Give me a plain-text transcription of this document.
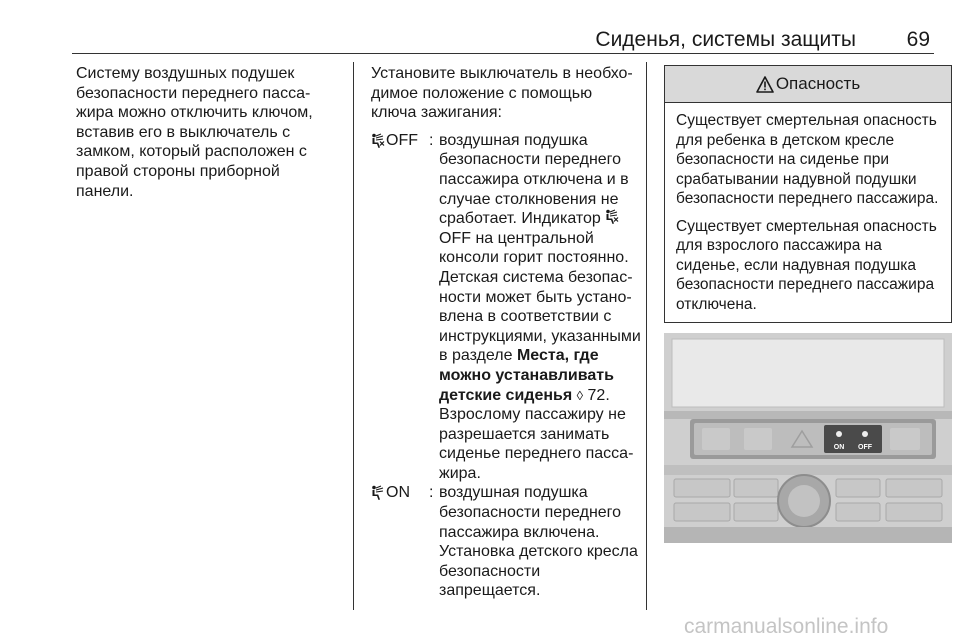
Сиденья, системы защиты 69

Систему воздушных подушек безопасности переднего пассажира можно отключить ключом, вставив его в выключатель с замком, который расположен с правой стороны приборной панели.

Установите выключатель в необходимое положение с помощью ключа зажигания:

OFF : воздушная подушка безопасности переднего пассажира отключена и в случае столкновения не сработает. Индикатор OFF на центральной консоли горит постоянно. Детская система безопасности может быть установлена в соответствии с инструкциями, указанными в разделе Места, где можно устанавливать детские сиденья ◊ 72.
Взрослому пассажиру не разрешается занимать сиденье переднего пассажира.
ON : воздушная подушка безопасности переднего пассажира включена. Установка детского кресла безопасности запрещается.
Опасность

Существует смертельная опасность для ребенка в детском кресле безопасности на сиденье при срабатывании надувной подушки безопасности переднего пассажира.

Существует смертельная опасность для взрослого пассажира на сиденье, если надувная подушка безопасности переднего пассажира отключена.

ON OFF
carmanualsonline.info
